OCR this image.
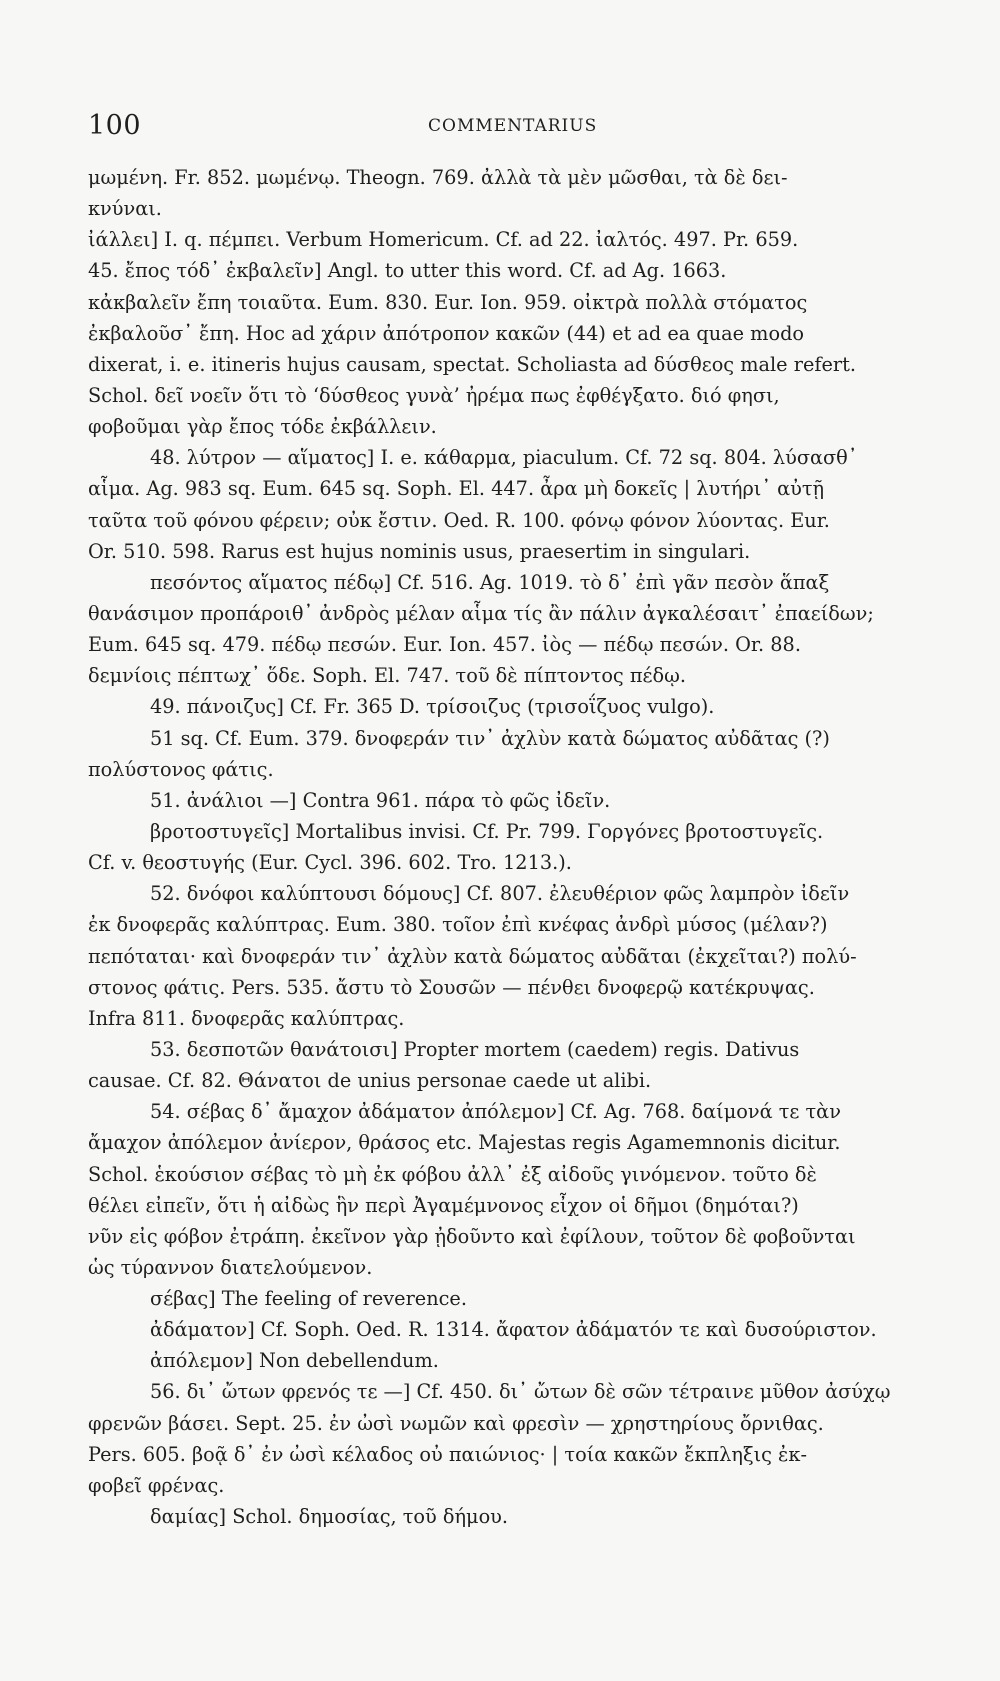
100	COMMENTARIUS
μωμένη. Fr. 852. μωμένῳ. Theogn. 769. ἀλλὰ τὰ μὲν μῶσθαι, τὰ δὲ δει-
κνύναι.
ἰάλλει] I. q. πέμπει. Verbum Homericum. Cf. ad 22. ἰαλτός. 497. Pr. 659.
45. ἔπος τόδ᾽ ἐκβαλεῖν] Angl. to utter this word. Cf. ad Ag. 1663.
κἀκβαλεῖν ἔπη τοιαῦτα. Eum. 830. Eur. Ion. 959. οἰκτρὰ πολλὰ στόματος
ἐκβαλοῦσ᾽ ἔπη. Hoc ad χάριν ἀπότροπον κακῶν (44) et ad ea quae modo
dixerat, i. e. itineris hujus causam, spectat. Scholiasta ad δύσθεος male refert.
Schol. δεῖ νοεῖν ὅτι τὸ ‘δύσθεος γυνὰ’ ἠρέμα πως ἐφθέγξατο. διό φησι,
φοβοῦμαι γὰρ ἔπος τόδε ἐκβάλλειν.
48. λύτρον — αἵματος] I. e. κάθαρμα, piaculum. Cf. 72 sq. 804. λύσασθ᾽
αἷμα. Ag. 983 sq. Eum. 645 sq. Soph. El. 447. ἆρα μὴ δοκεῖς | λυτήρι᾽ αὐτῇ
ταῦτα τοῦ φόνου φέρειν; οὐκ ἔστιν. Oed. R. 100. φόνῳ φόνον λύοντας. Eur.
Or. 510. 598. Rarus est hujus nominis usus, praesertim in singulari.
πεσόντος αἵματος πέδῳ] Cf. 516. Ag. 1019. τὸ δ᾽ ἐπὶ γᾶν πεσὸν ἅπαξ
θανάσιμον προπάροιθ᾽ ἀνδρὸς μέλαν αἷμα τίς ἂν πάλιν ἀγκαλέσαιτ᾽ ἐπαείδων;
Eum. 645 sq. 479. πέδῳ πεσών. Eur. Ion. 457. ἰὸς — πέδῳ πεσών. Or. 88.
δεμνίοις πέπτωχ᾽ ὅδε. Soph. El. 747. τοῦ δὲ πίπτοντος πέδῳ.
49. πάνοιζυς] Cf. Fr. 365 D. τρίσοιζυς (τρισοΐζυος vulgo).
51 sq. Cf. Eum. 379. δνοφεράν τιν᾽ ἀχλὺν κατὰ δώματος αὐδᾶτας (?)
πολύστονος φάτις.
51. ἀνάλιοι —] Contra 961. πάρα τὸ φῶς ἰδεῖν.
βροτοστυγεῖς] Mortalibus invisi. Cf. Pr. 799. Γοργόνες βροτοστυγεῖς.
Cf. v. θεοστυγής (Eur. Cycl. 396. 602. Tro. 1213.).
52. δνόφοι καλύπτουσι δόμους] Cf. 807. ἐλευθέριον φῶς λαμπρὸν ἰδεῖν
ἐκ δνοφερᾶς καλύπτρας. Eum. 380. τοῖον ἐπὶ κνέφας ἀνδρὶ μύσος (μέλαν?)
πεπόταται· καὶ δνοφεράν τιν᾽ ἀχλὺν κατὰ δώματος αὐδᾶται (ἐκχεῖται?) πολύ-
στονος φάτις. Pers. 535. ἄστυ τὸ Σουσῶν — πένθει δνοφερῷ κατέκρυψας.
Infra 811. δνοφερᾶς καλύπτρας.
53. δεσποτῶν θανάτοισι] Propter mortem (caedem) regis. Dativus
causae. Cf. 82. Θάνατοι de unius personae caede ut alibi.
54. σέβας δ᾽ ἄμαχον ἀδάματον ἀπόλεμον] Cf. Ag. 768. δαίμονά τε τὰν
ἄμαχον ἀπόλεμον ἀνίερον, θράσος etc. Majestas regis Agamemnonis dicitur.
Schol. ἑκούσιον σέβας τὸ μὴ ἐκ φόβου ἀλλ᾽ ἐξ αἰδοῦς γινόμενον. τοῦτο δὲ
θέλει εἰπεῖν, ὅτι ἡ αἰδὼς ἣν περὶ Ἀγαμέμνονος εἶχον οἱ δῆμοι (δημόται?)
νῦν εἰς φόβον ἐτράπη. ἐκεῖνον γὰρ ᾐδοῦντο καὶ ἐφίλουν, τοῦτον δὲ φοβοῦνται
ὡς τύραννον διατελούμενον.
σέβας] The feeling of reverence.
ἀδάματον] Cf. Soph. Oed. R. 1314. ἄφατον ἀδάματόν τε καὶ δυσούριστον.
ἀπόλεμον] Non debellendum.
56. δι᾽ ὤτων φρενός τε —] Cf. 450. δι᾽ ὤτων δὲ σῶν τέτραινε μῦθον ἀσύχῳ
φρενῶν βάσει. Sept. 25. ἐν ὠσὶ νωμῶν καὶ φρεσὶν — χρηστηρίους ὄρνιθας.
Pers. 605. βοᾷ δ᾽ ἐν ὠσὶ κέλαδος οὐ παιώνιος· | τοία κακῶν ἔκπληξις ἐκ-
φοβεῖ φρένας.
δαμίας] Schol. δημοσίας, τοῦ δήμου.
